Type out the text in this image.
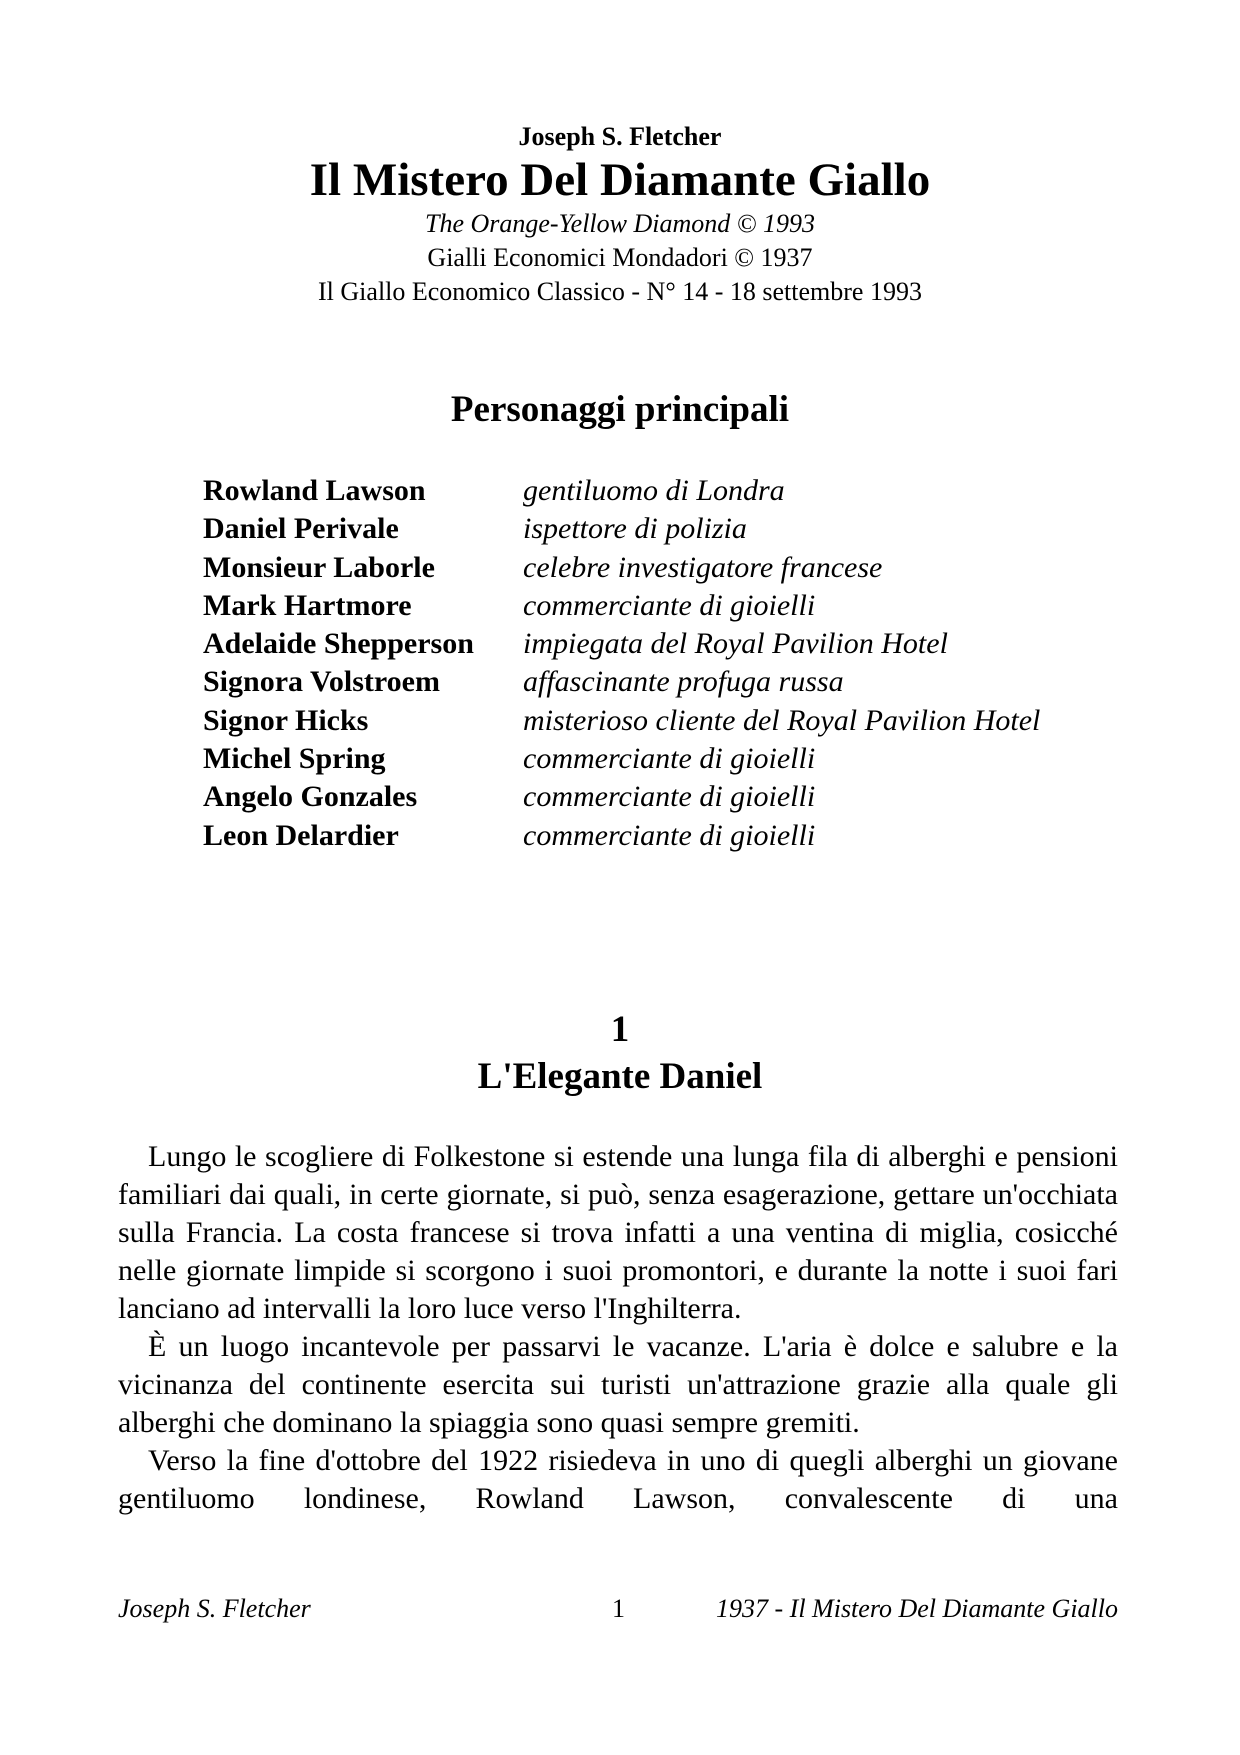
Joseph S. Fletcher
Il Mistero Del Diamante Giallo
The Orange-Yellow Diamond © 1993
Gialli Economici Mondadori © 1937
Il Giallo Economico Classico - N° 14 - 18 settembre 1993
Personaggi principali
Rowland Lawson	gentiluomo di Londra
Daniel Perivale	ispettore di polizia
Monsieur Laborle	celebre investigatore francese
Mark Hartmore	commerciante di gioielli
Adelaide Shepperson	impiegata del Royal Pavilion Hotel
Signora Volstroem	affascinante profuga russa
Signor Hicks	misterioso cliente del Royal Pavilion Hotel
Michel Spring	commerciante di gioielli
Angelo Gonzales	commerciante di gioielli
Leon Delardier	commerciante di gioielli
1
L'Elegante Daniel

Lungo le scogliere di Folkestone si estende una lunga fila di alberghi e pensioni familiari dai quali, in certe giornate, si può, senza esagerazione, gettare un'occhiata sulla Francia. La costa francese si trova infatti a una ventina di miglia, cosicché nelle giornate limpide si scorgono i suoi promontori, e durante la notte i suoi fari lanciano ad intervalli la loro luce verso l'Inghilterra.

È un luogo incantevole per passarvi le vacanze. L'aria è dolce e salubre e la vicinanza del continente esercita sui turisti un'attrazione grazie alla quale gli alberghi che dominano la spiaggia sono quasi sempre gremiti.

Verso la fine d'ottobre del 1922 risiedeva in uno di quegli alberghi un giovane gentiluomo londinese, Rowland Lawson, convalescente di una

Joseph S. Fletcher	1	1937 - Il Mistero Del Diamante Giallo
